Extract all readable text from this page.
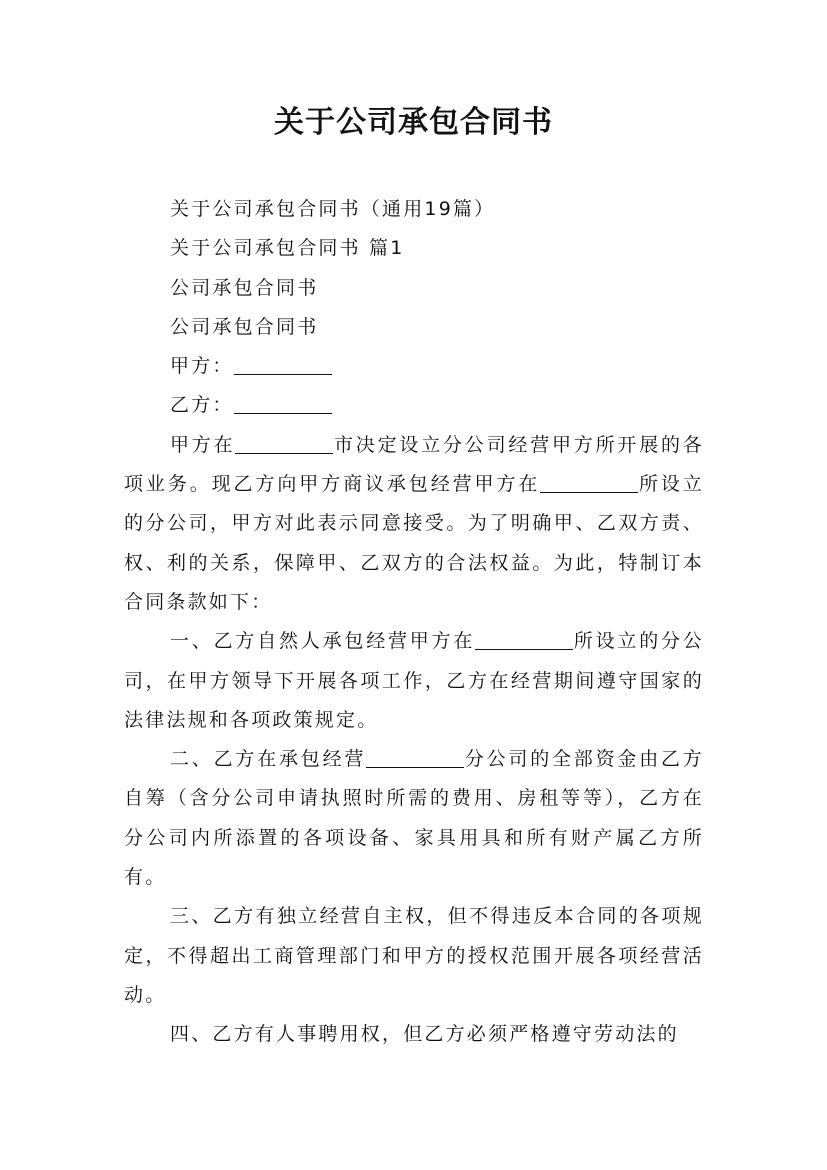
关于公司承包合同书

关于公司承包合同书（通用19篇）

关于公司承包合同书 篇1

公司承包合同书

公司承包合同书

甲方：

乙方：

甲方在	市决定设立分公司经营甲方所开展的各项业务。现乙方向甲方商议承包经营甲方在	所设立的分公司，甲方对此表示同意接受。为了明确甲、乙双方责、权、利的关系，保障甲、乙双方的合法权益。为此，特制订本合同条款如下：

一、乙方自然人承包经营甲方在	所设立的分公司，在甲方领导下开展各项工作，乙方在经营期间遵守国家的法律法规和各项政策规定。

二、乙方在承包经营	分公司的全部资金由乙方自筹（含分公司申请执照时所需的费用、房租等等），乙方在分公司内所添置的各项设备、家具用具和所有财产属乙方所有。

三、乙方有独立经营自主权，但不得违反本合同的各项规定，不得超出工商管理部门和甲方的授权范围开展各项经营活动。

四、乙方有人事聘用权，但乙方必须严格遵守劳动法的
